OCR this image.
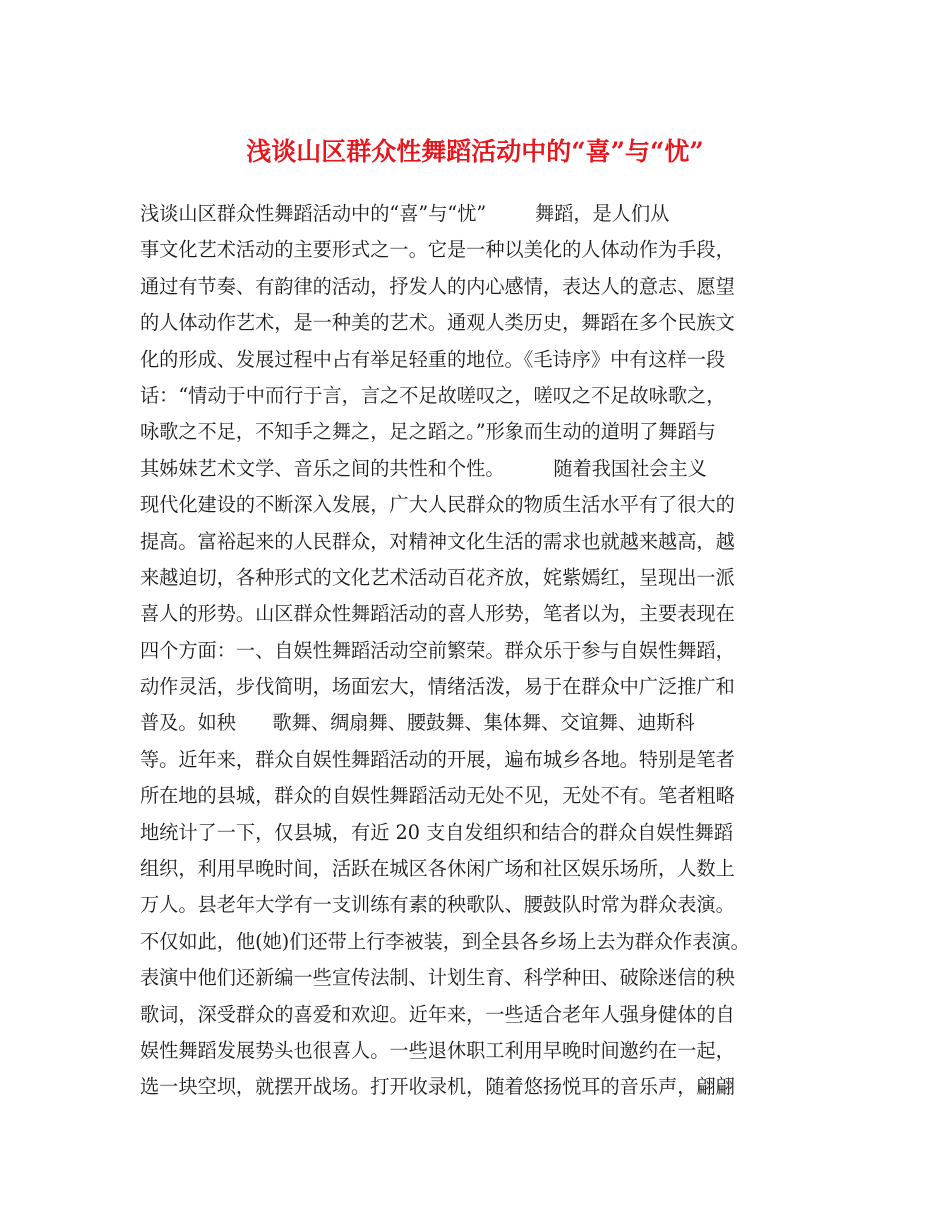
浅谈山区群众性舞蹈活动中的“喜”与“忧”
浅谈山区群众性舞蹈活动中的“喜”与“忧”        舞蹈，是人们从
事文化艺术活动的主要形式之一。它是一种以美化的人体动作为手段，
通过有节奏、有韵律的活动，抒发人的内心感情，表达人的意志、愿望
的人体动作艺术，是一种美的艺术。通观人类历史，舞蹈在多个民族文
化的形成、发展过程中占有举足轻重的地位。《毛诗序》中有这样一段
话：“情动于中而行于言，言之不足故嗟叹之，嗟叹之不足故咏歌之，
咏歌之不足，不知手之舞之，足之蹈之。”形象而生动的道明了舞蹈与
其姊妹艺术文学、音乐之间的共性和个性。        随着我国社会主义
现代化建设的不断深入发展，广大人民群众的物质生活水平有了很大的
提高。富裕起来的人民群众，对精神文化生活的需求也就越来越高，越
来越迫切，各种形式的文化艺术活动百花齐放，姹紫嫣红，呈现出一派
喜人的形势。山区群众性舞蹈活动的喜人形势，笔者以为，主要表现在
四个方面：一、自娱性舞蹈活动空前繁荣。群众乐于参与自娱性舞蹈，
动作灵活，步伐简明，场面宏大，情绪活泼，易于在群众中广泛推广和
普及。如秧      歌舞、绸扇舞、腰鼓舞、集体舞、交谊舞、迪斯科
等。近年来，群众自娱性舞蹈活动的开展，遍布城乡各地。特别是笔者
所在地的县城，群众的自娱性舞蹈活动无处不见，无处不有。笔者粗略
地统计了一下，仅县城，有近 20 支自发组织和结合的群众自娱性舞蹈
组织，利用早晚时间，活跃在城区各休闲广场和社区娱乐场所，人数上
万人。县老年大学有一支训练有素的秧歌队、腰鼓队时常为群众表演。
不仅如此，他(她)们还带上行李被装，到全县各乡场上去为群众作表演。
表演中他们还新编一些宣传法制、计划生育、科学种田、破除迷信的秧
歌词，深受群众的喜爱和欢迎。近年来，一些适合老年人强身健体的自
娱性舞蹈发展势头也很喜人。一些退休职工利用早晚时间邀约在一起，
选一块空坝，就摆开战场。打开收录机，随着悠扬悦耳的音乐声，翩翩
